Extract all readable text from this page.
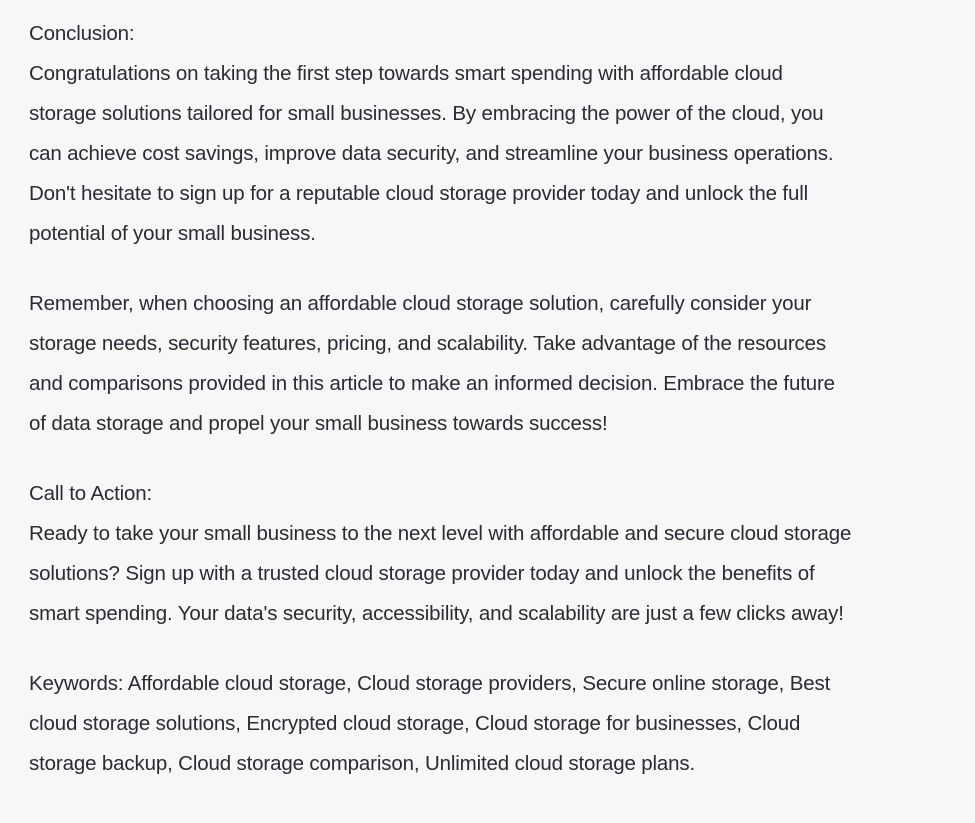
Conclusion:

Congratulations on taking the first step towards smart spending with affordable cloud

storage solutions tailored for small businesses. By embracing the power of the cloud, you

can achieve cost savings, improve data security, and streamline your business operations.

Don't hesitate to sign up for a reputable cloud storage provider today and unlock the full

potential of your small business.

Remember, when choosing an affordable cloud storage solution, carefully consider your

storage needs, security features, pricing, and scalability. Take advantage of the resources

and comparisons provided in this article to make an informed decision. Embrace the future

of data storage and propel your small business towards success!

Call to Action:

Ready to take your small business to the next level with affordable and secure cloud storage

solutions? Sign up with a trusted cloud storage provider today and unlock the benefits of

smart spending. Your data's security, accessibility, and scalability are just a few clicks away!

Keywords: Affordable cloud storage, Cloud storage providers, Secure online storage, Best

cloud storage solutions, Encrypted cloud storage, Cloud storage for businesses, Cloud

storage backup, Cloud storage comparison, Unlimited cloud storage plans.
